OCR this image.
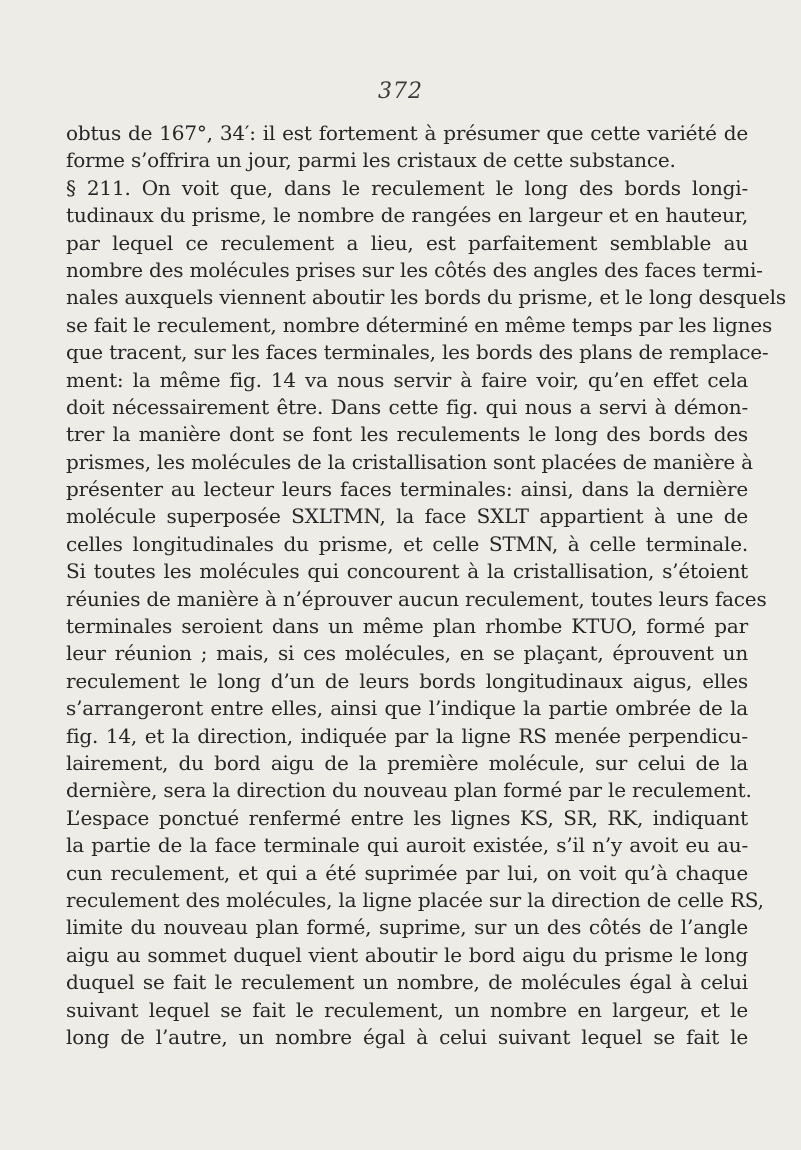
372
obtus de 167°, 34′: il est fortement à présumer que cette variété de
forme s’offrira un jour, parmi les cristaux de cette substance.
§ 211. On voit que, dans le reculement le long des bords longi-
tudinaux du prisme, le nombre de rangées en largeur et en hauteur,
par lequel ce reculement a lieu, est parfaitement semblable au
nombre des molécules prises sur les côtés des angles des faces termi-
nales auxquels viennent aboutir les bords du prisme, et le long desquels
se fait le reculement, nombre déterminé en même temps par les lignes
que tracent, sur les faces terminales, les bords des plans de remplace-
ment: la même fig. 14 va nous servir à faire voir, qu’en effet cela
doit nécessairement être. Dans cette fig. qui nous a servi à démon-
trer la manière dont se font les reculements le long des bords des
prismes, les molécules de la cristallisation sont placées de manière à
présenter au lecteur leurs faces terminales: ainsi, dans la dernière
molécule superposée SXLTMN, la face SXLT appartient à une de
celles longitudinales du prisme, et celle STMN, à celle terminale.
Si toutes les molécules qui concourent à la cristallisation, s’étoient
réunies de manière à n’éprouver aucun reculement, toutes leurs faces
terminales seroient dans un même plan rhombe KTUO, formé par
leur réunion ; mais, si ces molécules, en se plaçant, éprouvent un
reculement le long d’un de leurs bords longitudinaux aigus, elles
s’arrangeront entre elles, ainsi que l’indique la partie ombrée de la
fig. 14, et la direction, indiquée par la ligne RS menée perpendicu-
lairement, du bord aigu de la première molécule, sur celui de la
dernière, sera la direction du nouveau plan formé par le reculement.
L’espace ponctué renfermé entre les lignes KS, SR, RK, indiquant
la partie de la face terminale qui auroit existée, s’il n’y avoit eu au-
cun reculement, et qui a été suprimée par lui, on voit qu’à chaque
reculement des molécules, la ligne placée sur la direction de celle RS,
limite du nouveau plan formé, suprime, sur un des côtés de l’angle
aigu au sommet duquel vient aboutir le bord aigu du prisme le long
duquel se fait le reculement un nombre, de molécules égal à celui
suivant lequel se fait le reculement, un nombre en largeur, et le
long de l’autre, un nombre égal à celui suivant lequel se fait le
